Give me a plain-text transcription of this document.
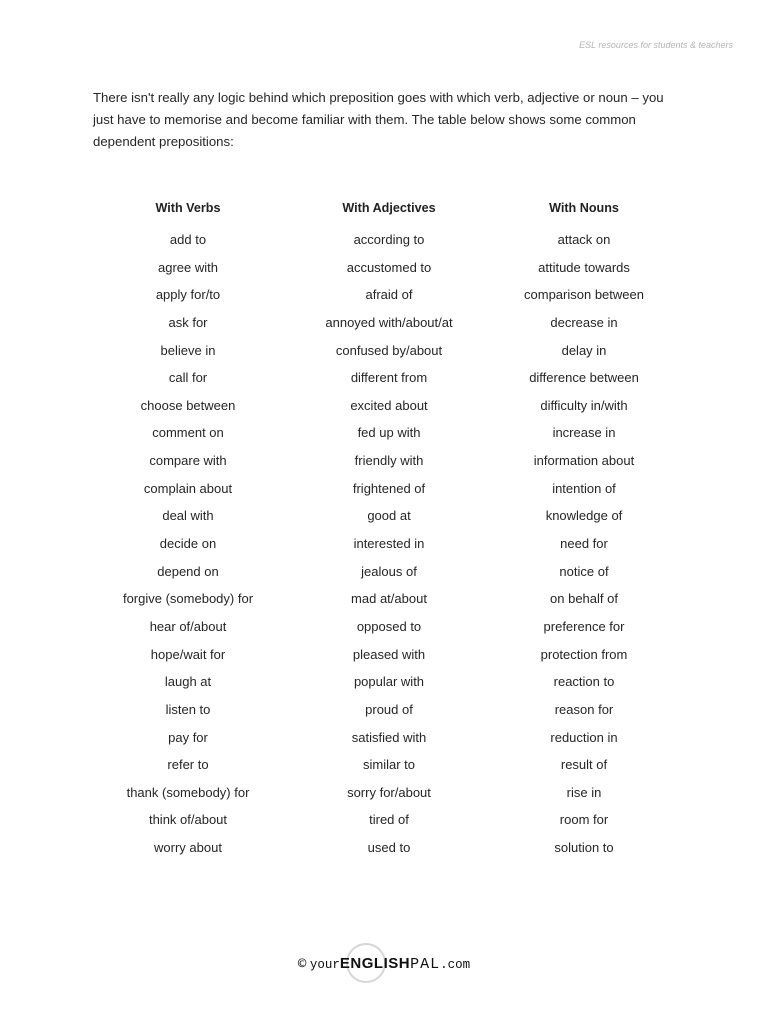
ESL resources for students & teachers

There isn't really any logic behind which preposition goes with which verb, adjective or noun – you just have to memorise and become familiar with them. The table below shows some common dependent prepositions:

With Verbs
add to
agree with
apply for/to
ask for
believe in
call for
choose between
comment on
compare with
complain about
deal with
decide on
depend on
forgive (somebody) for
hear of/about
hope/wait for
laugh at
listen to
pay for
refer to
thank (somebody) for
think of/about
worry about
With Adjectives
according to
accustomed to
afraid of
annoyed with/about/at
confused by/about
different from
excited about
fed up with
friendly with
frightened of
good at
interested in
jealous of
mad at/about
opposed to
pleased with
popular with
proud of
satisfied with
similar to
sorry for/about
tired of
used to
With Nouns
attack on
attitude towards
comparison between
decrease in
delay in
difference between
difficulty in/with
increase in
information about
intention of
knowledge of
need for
notice of
on behalf of
preference for
protection from
reaction to
reason for
reduction in
result of
rise in
room for
solution to
© yourENGLISHPAL.com
